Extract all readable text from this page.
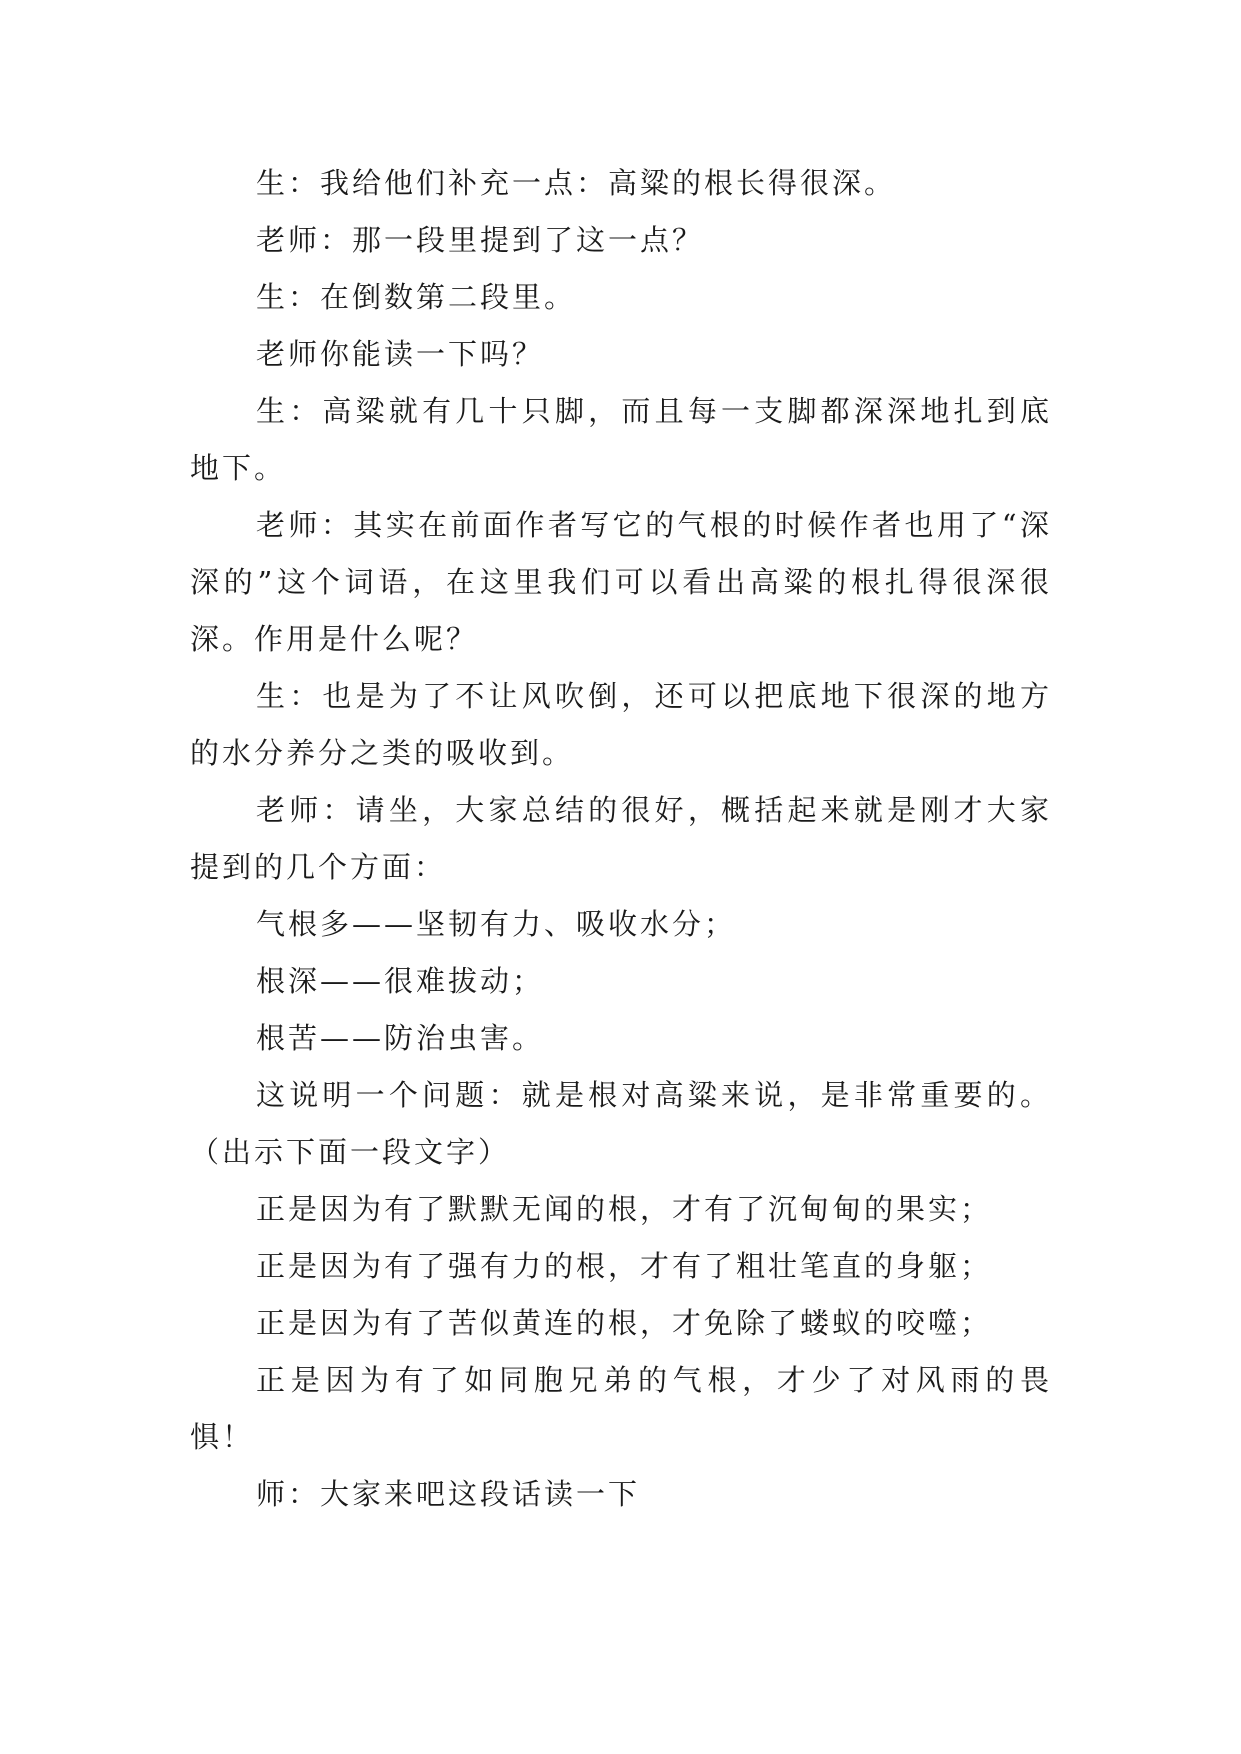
生：我给他们补充一点：高粱的根长得很深。

老师：那一段里提到了这一点？

生：在倒数第二段里。

老师你能读一下吗？

生：高粱就有几十只脚，而且每一支脚都深深地扎到底地下。

老师：其实在前面作者写它的气根的时候作者也用了“深深的”这个词语，在这里我们可以看出高粱的根扎得很深很深。作用是什么呢？

生：也是为了不让风吹倒，还可以把底地下很深的地方的水分养分之类的吸收到。

老师：请坐，大家总结的很好，概括起来就是刚才大家提到的几个方面：

气根多——坚韧有力、吸收水分；

根深——很难拔动；

根苦——防治虫害。

这说明一个问题：就是根对高粱来说，是非常重要的。（出示下面一段文字）

正是因为有了默默无闻的根，才有了沉甸甸的果实；

正是因为有了强有力的根，才有了粗壮笔直的身躯；

正是因为有了苦似黄连的根，才免除了蝼蚁的咬噬；

正是因为有了如同胞兄弟的气根，才少了对风雨的畏惧！

师：大家来吧这段话读一下
